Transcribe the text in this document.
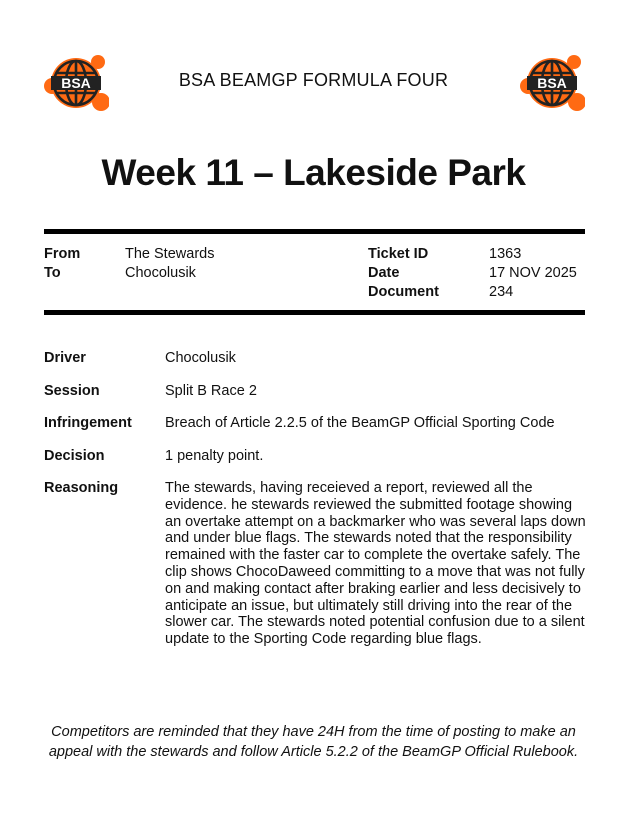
BSA	BSA
BSA BEAMGP FORMULA FOUR
Week 11 – Lakeside Park
From	The Stewards
To	Chocolusik
Ticket ID	1363
Date	17 NOV 2025
Document	234
Driver	Chocolusik
Session	Split B Race 2
Infringement Breach of Article 2.2.5 of the BeamGP Official Sporting Code
Decision	1 penalty point.
Reasoning	The stewards, having receieved a report, reviewed all the evidence. he stewards reviewed the submitted footage showing an overtake attempt on a backmarker who was several laps down and under blue flags. The stewards noted that the responsibility remained with the faster car to complete the overtake safely. The clip shows ChocoDaweed committing to a move that was not fully on and making contact after braking earlier and less decisively to anticipate an issue, but ultimately still driving into the rear of the slower car. The stewards noted potential confusion due to a silent update to the Sporting Code regarding blue flags.
Competitors are reminded that they have 24H from the time of posting to make an appeal with the stewards and follow Article 5.2.2 of the BeamGP Official Rulebook.
